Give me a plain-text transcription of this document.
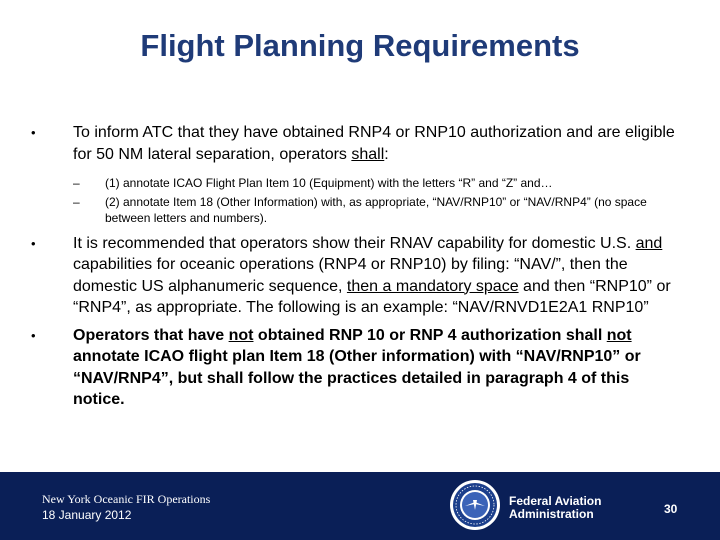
Flight Planning Requirements
• To inform ATC that they have obtained RNP4 or RNP10 authorization and are eligible for 50 NM lateral separation, operators shall:
– (1) annotate ICAO Flight Plan Item 10 (Equipment) with the letters “R” and “Z” and…
– (2) annotate Item 18 (Other Information) with, as appropriate, “NAV/RNP10” or “NAV/RNP4” (no space between letters and numbers).
• It is recommended that operators show their RNAV capability for domestic U.S. and capabilities for oceanic operations (RNP4 or RNP10) by filing: “NAV/”, then the domestic US alphanumeric sequence, then a mandatory space and then “RNP10” or “RNP4”, as appropriate. The following is an example: “NAV/RNVD1E2A1 RNP10”
• Operators that have not obtained RNP 10 or RNP 4 authorization shall not annotate ICAO flight plan Item 18 (Other information) with “NAV/RNP10” or “NAV/RNP4”, but shall follow the practices detailed in paragraph 4 of this notice.
New York Oceanic FIR Operations
18 January 2012
Federal Aviation
Administration	30
